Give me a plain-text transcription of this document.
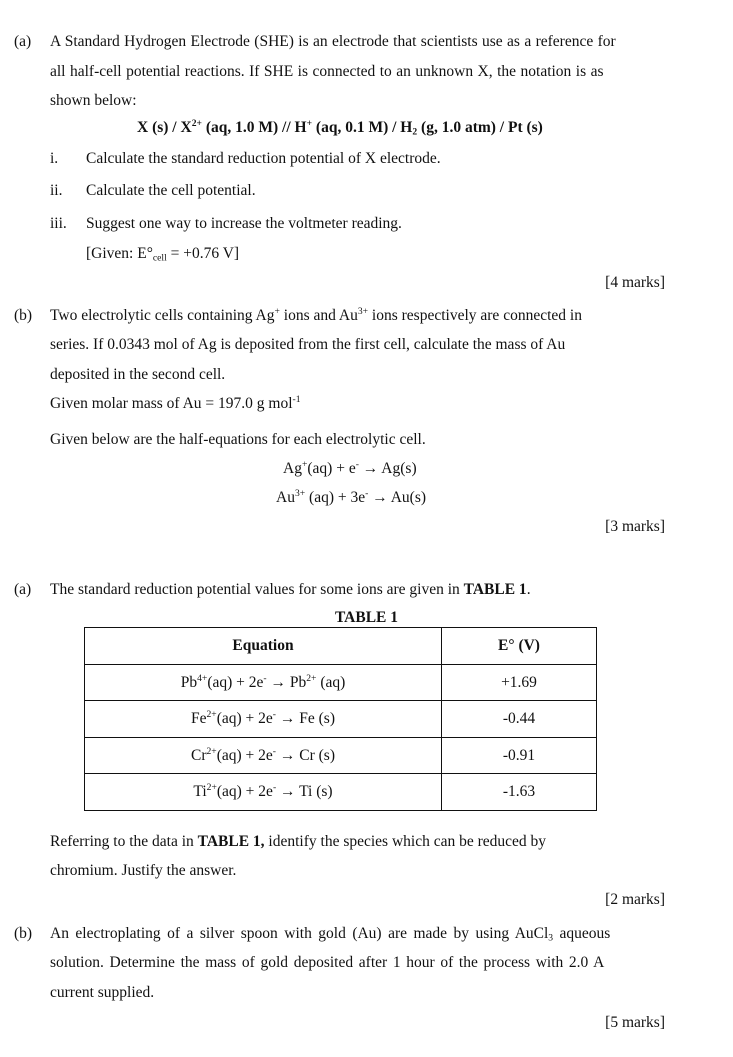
(a) A Standard Hydrogen Electrode (SHE) is an electrode that scientists use as a reference for
all half-cell potential reactions. If SHE is connected to an unknown X, the notation is as
shown below:
X $(s) / X^{2+}$ (aq, 1.0 M) // H+ (aq, 0.1 $M) / H_2$ (g, 1.0 atm) / Pt (s)
i. Calculate the standard reduction potential of X electrode.
ii. Calculate the cell potential.
iii. Suggest one way to increase the voltmeter reading.
[Given: $E^\circ_{cell} = +0.76$ V]
[4 marks]
(b) Two electrolytic cells containing Ag+ ions and $Au^{3+}$ ions respectively are connected in
series. If 0.0343 mol of Ag is deposited from the first cell, calculate the mass of Au
deposited in the second cell.
Given molar mass of Au = 197.0 g mol$^{-1}$
Given below are the half-equations for each electrolytic cell.
Ag+(aq) + e- → Ag(s)
$Au^{3+}$ (aq) + 3e- → Au(s)
[3 marks]
(a) The standard reduction potential values for some ions are given in TABLE 1.
TABLE 1
Equation	E° (V)
$Pb^{4+}(aq) + 2e^- \to Pb^{2+}$ (aq)	+1.69
$Fe^{2+}(aq) + 2e^- \to Fe$ (s)	-0.44
$Cr^{2+}(aq) + 2e^- \to Cr$ (s)	-0.91
$Ti^{2+}(aq) + 2e^- \to Ti$ (s)	-1.63
Referring to the data in TABLE 1, identify the species which can be reduced by
chromium. Justify the answer.
[2 marks]
(b) An electroplating of a silver spoon with gold (Au) are made by using AuCl$_3$ aqueous
solution. Determine the mass of gold deposited after 1 hour of the process with 2.0 A
current supplied.
[5 marks]
